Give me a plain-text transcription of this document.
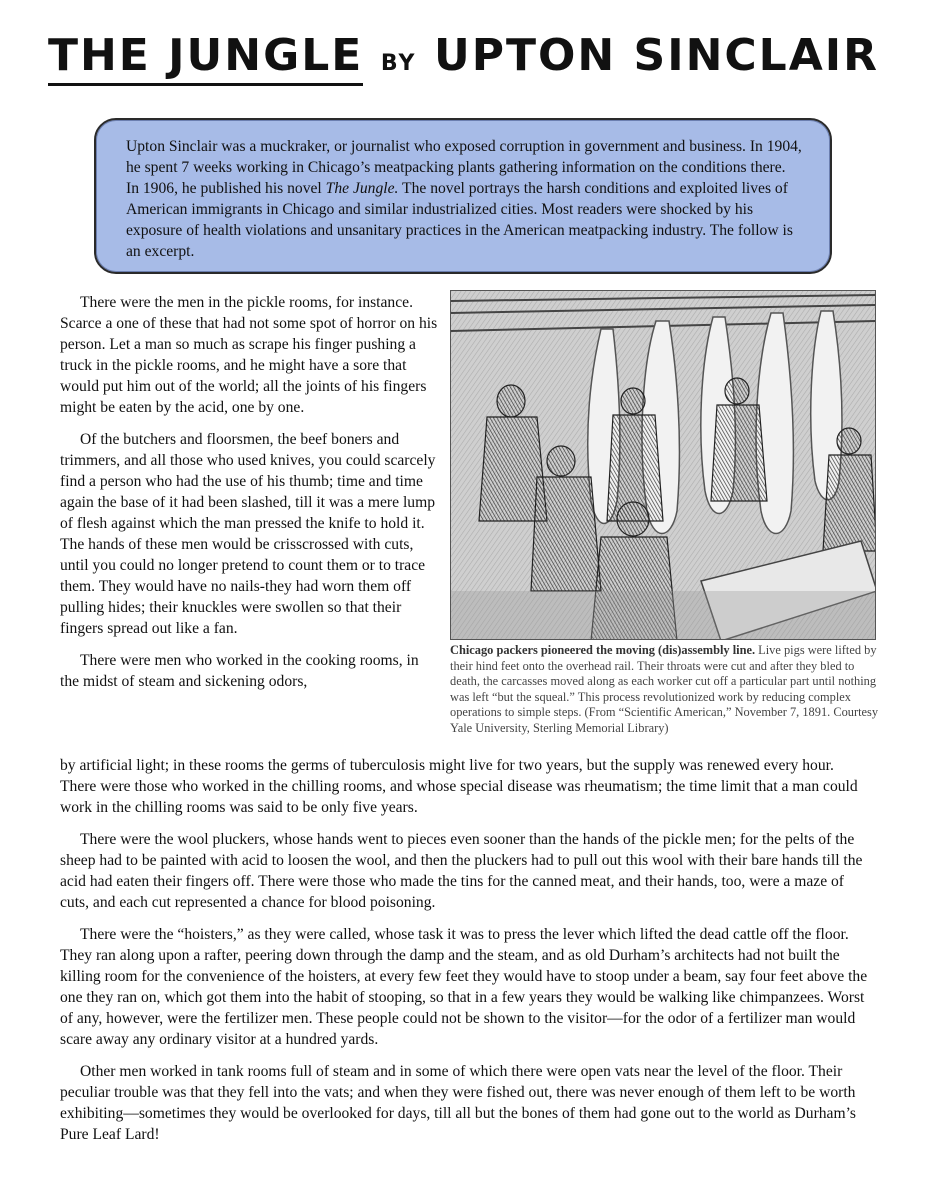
THE JUNGLE BY UPTON SINCLAIR
Upton Sinclair was a muckraker, or journalist who exposed corruption in government and business. In 1904, he spent 7 weeks working in Chicago’s meatpacking plants gathering information on the conditions there. In 1906, he published his novel The Jungle. The novel portrays the harsh conditions and exploited lives of American immigrants in Chicago and similar industrialized cities. Most readers were shocked by his exposure of health violations and unsanitary practices in the American meatpacking industry. The follow is an excerpt.
Chicago packers pioneered the moving (dis)assembly line. Live pigs were lifted by their hind feet onto the overhead rail. Their throats were cut and after they bled to death, the carcasses moved along as each worker cut off a particular part until nothing was left “but the squeal.” This process revolutionized work by reducing complex operations to simple steps. (From “Scientific American,” November 7, 1891. Courtesy Yale University, Sterling Memorial Library)

There were the men in the pickle rooms, for instance. Scarce a one of these that had not some spot of horror on his person. Let a man so much as scrape his finger pushing a truck in the pickle rooms, and he might have a sore that would put him out of the world; all the joints of his fingers might be eaten by the acid, one by one.

Of the butchers and floorsmen, the beef boners and trimmers, and all those who used knives, you could scarcely find a person who had the use of his thumb; time and time again the base of it had been slashed, till it was a mere lump of flesh against which the man pressed the knife to hold it. The hands of these men would be crisscrossed with cuts, until you could no longer pretend to count them or to trace them. They would have no nails-they had worn them off pulling hides; their knuckles were swollen so that their fingers spread out like a fan.

There were men who worked in the cooking rooms, in the midst of steam and sickening odors,

by artificial light; in these rooms the germs of tuberculosis might live for two years, but the supply was renewed every hour. There were those who worked in the chilling rooms, and whose special disease was rheumatism; the time limit that a man could work in the chilling rooms was said to be only five years.

There were the wool pluckers, whose hands went to pieces even sooner than the hands of the pickle men; for the pelts of the sheep had to be painted with acid to loosen the wool, and then the pluckers had to pull out this wool with their bare hands till the acid had eaten their fingers off. There were those who made the tins for the canned meat, and their hands, too, were a maze of cuts, and each cut represented a chance for blood poisoning.

There were the “hoisters,” as they were called, whose task it was to press the lever which lifted the dead cattle off the floor. They ran along upon a rafter, peering down through the damp and the steam, and as old Durham’s architects had not built the killing room for the convenience of the hoisters, at every few feet they would have to stoop under a beam, say four feet above the one they ran on, which got them into the habit of stooping, so that in a few years they would be walking like chimpanzees. Worst of any, however, were the fertilizer men. These people could not be shown to the visitor—for the odor of a fertilizer man would scare away any ordinary visitor at a hundred yards.

Other men worked in tank rooms full of steam and in some of which there were open vats near the level of the floor. Their peculiar trouble was that they fell into the vats; and when they were fished out, there was never enough of them left to be worth exhibiting—sometimes they would be overlooked for days, till all but the bones of them had gone out to the world as Durham’s Pure Leaf Lard!
